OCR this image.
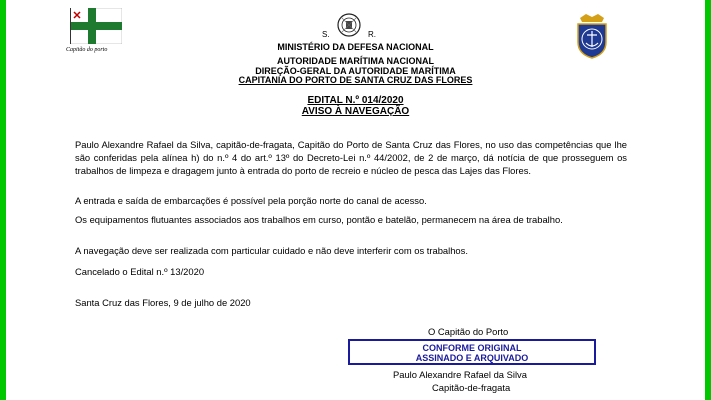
Capitão do porto
S.	R.
MINISTÉRIO DA DEFESA NACIONAL
AUTORIDADE MARÍTIMA NACIONAL
DIREÇÃO-GERAL DA AUTORIDADE MARÍTIMA
CAPITANIA DO PORTO DE SANTA CRUZ DAS FLORES
EDITAL N.º 014/2020
AVISO À NAVEGAÇÃO
Paulo Alexandre Rafael da Silva, capitão-de-fragata, Capitão do Porto de Santa Cruz das Flores, no uso das competências que lhe são conferidas pela alínea h) do n.º 4 do art.º 13º do Decreto-Lei n.º 44/2002, de 2 de março, dá notícia de que prosseguem os trabalhos de limpeza e dragagem junto à entrada do porto de recreio e núcleo de pesca das Lajes das Flores.
A entrada e saída de embarcações é possível pela porção norte do canal de acesso.
Os equipamentos flutuantes associados aos trabalhos em curso, pontão e batelão, permanecem na área de trabalho.
A navegação deve ser realizada com particular cuidado e não deve interferir com os trabalhos.
Cancelado o Edital n.º 13/2020
Santa Cruz das Flores, 9 de julho de 2020
O Capitão do Porto
CONFORME ORIGINAL
ASSINADO E ARQUIVADO
Paulo Alexandre Rafael da Silva
Capitão-de-fragata
